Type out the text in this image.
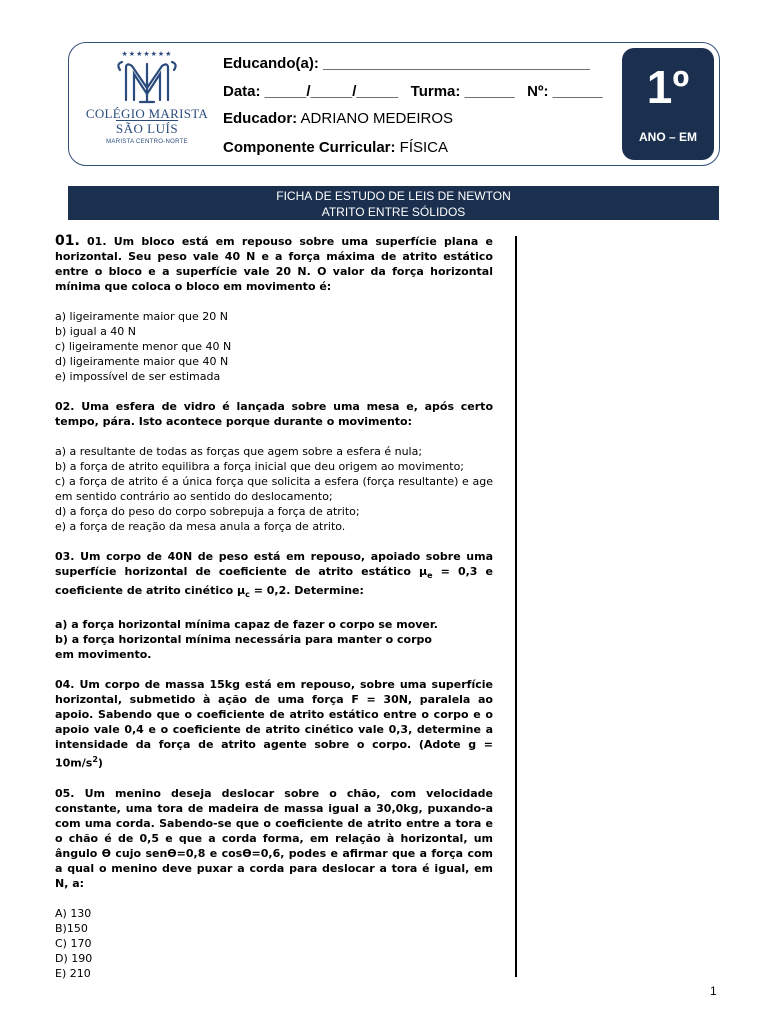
★★★★★★★
COLÉGIO MARISTA
SÃO LUÍS
MARISTA CENTRO-NORTE
Educando(a): ________________________________
Data: _____/_____/_____ Turma: ______ Nº: ______
Educador: ADRIANO MEDEIROS
Componente Curricular: FÍSICA
1º
ANO – EM
FICHA DE ESTUDO DE LEIS DE NEWTON
ATRITO ENTRE SÓLIDOS

01. 01. Um bloco está em repouso sobre uma superfície plana e horizontal. Seu peso vale 40 N e a força máxima de atrito estático entre o bloco e a superfície vale 20 N. O valor da força horizontal mínima que coloca o bloco em movimento é:

a) ligeiramente maior que 20 N

b) igual a 40 N

c) ligeiramente menor que 40 N

d) ligeiramente maior que 40 N

e) impossível de ser estimada

02. Uma esfera de vidro é lançada sobre uma mesa e, após certo tempo, pára. Isto acontece porque durante o movimento:

a) a resultante de todas as forças que agem sobre a esfera é nula;

b) a força de atrito equilibra a força inicial que deu origem ao movimento;

c) a força de atrito é a única força que solicita a esfera (força resultante) e age em sentido contrário ao sentido do deslocamento;

d) a força do peso do corpo sobrepuja a força de atrito;

e) a força de reação da mesa anula a força de atrito.

03. Um corpo de 40N de peso está em repouso, apoiado sobre uma superfície horizontal de coeficiente de atrito estático $\mu_e = 0,3$ e coeficiente de atrito cinético $\mu_c = 0,2$. Determine:

a) a força horizontal mínima capaz de fazer o corpo se mover.

b) a força horizontal mínima necessária para manter o corpo

em movimento.

04. Um corpo de massa 15kg está em repouso, sobre uma superfície horizontal, submetido à ação de uma força F = 30N, paralela ao apoio. Sabendo que o coeficiente de atrito estático entre o corpo e o apoio vale 0,4 e o coeficiente de atrito cinético vale 0,3, determine a intensidade da força de atrito agente sobre o corpo. (Adote $g = 10m/s^2$)

05. Um menino deseja deslocar sobre o chão, com velocidade constante, uma tora de madeira de massa igual a 30,0kg, puxando-a com uma corda. Sabendo-se que o coeficiente de atrito entre a tora e o chão é de 0,5 e que a corda forma, em relação à horizontal, um ângulo ϴ cujo senϴ=0,8 e cosϴ=0,6, podes e afirmar que a força com a qual o menino deve puxar a corda para deslocar a tora é igual, em N, a:

A) 130

B)150

C) 170

D) 190

E) 210

1
